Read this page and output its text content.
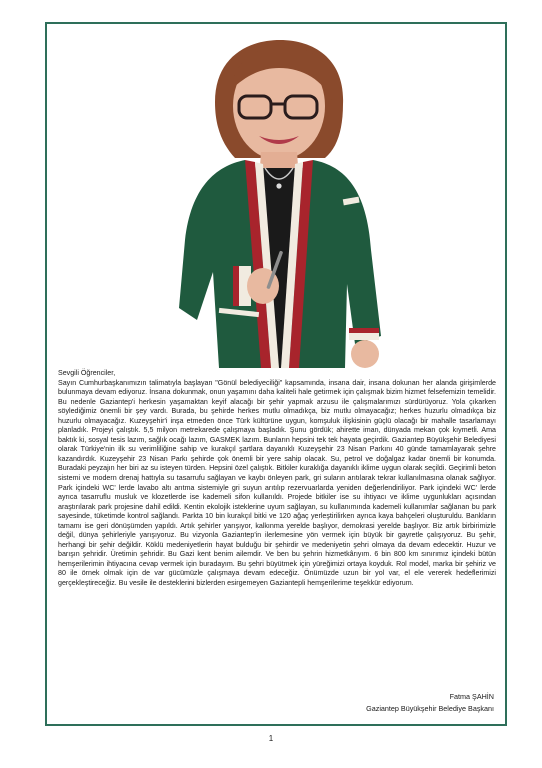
Sevgili Öğrenciler,

Sayın Cumhurbaşkanımızın talimatıyla başlayan "Gönül belediyeciliği" kapsamında, insana dair, insana dokunan her alanda girişimlerde bulunmaya devam ediyoruz. İnsana dokunmak, onun yaşamını daha kaliteli hale getirmek için çalışmak bizim hizmet felsefemizin temelidir. Bu nedenle Gaziantep'i herkesin yaşamaktan keyif alacağı bir şehir yapmak arzusu ile çalışmalarımızı sürdürüyoruz. Yola çıkarken söylediğimiz önemli bir şey vardı. Burada, bu şehirde herkes mutlu olmadıkça, biz mutlu olmayacağız; herkes huzurlu olmadıkça biz huzurlu olmayacağız. Kuzeyşehir'i inşa etmeden önce Türk kültürüne uygun, komşuluk ilişkisinin güçlü olacağı bir mahalle tasarlamayı planladık. Projeyi çalıştık. 5,5 milyon metrekarede çalışmaya başladık. Şunu gördük; ahirette iman, dünyada mekan çok kıymetli. Ama baktık ki, sosyal tesis lazım, sağlık ocağı lazım, GASMEK lazım. Bunların hepsini tek tek hayata geçirdik. Gaziantep Büyükşehir Belediyesi olarak Türkiye'nin ilk su verimliliğine sahip ve kurakçıl şartlara dayanıklı Kuzeyşehir 23 Nisan Parkını 40 günde tamamlayarak şehre kazandırdık. Kuzeyşehir 23 Nisan Parkı şehirde çok önemli bir yere sahip olacak. Su, petrol ve doğalgaz kadar önemli bir konumda. Buradaki peyzajın her biri az su isteyen türden. Hepsini özel çalıştık. Bitkiler kuraklığa dayanıklı iklime uygun olarak seçildi. Geçirimli beton sistemi ve modern drenaj hattıyla su tasarrufu sağlayan ve kaybı önleyen park, gri suların arıtılarak tekrar kullanılmasına olanak sağlıyor. Park içindeki WC' lerde lavabo altı arıtma sistemiyle gri suyun arıtılıp rezervuarlarda yeniden değerlendiriliyor. Park içindeki WC' lerde ayrıca tasarruflu musluk ve klozetlerde ise kademeli sifon kullanıldı. Projede bitkiler ise su ihtiyacı ve iklime uygunlukları açısından araştırılarak park projesine dahil edildi. Kentin ekolojik isteklerine uyum sağlayan, su kullanımında kademeli kullanımlar sağlanan bu park sayesinde, tüketimde kontrol sağlandı. Parkta 10 bin kurakçıl bitki ve 120 ağaç yerleştirilirken ayrıca kaya bahçeleri oluşturuldu. Bankların tamamı ise geri dönüşümden yapıldı. Artık şehirler yarışıyor, kalkınma yerelde başlıyor, demokrasi yerelde başlıyor. Biz artık birbirimizle değil, dünya şehirleriyle yarışıyoruz. Bu vizyonla Gaziantep'in ilerlemesine yön vermek için büyük bir gayretle çalışıyoruz. Bu şehir, herhangi bir şehir değildir. Köklü medeniyetlerin hayat bulduğu bir şehirdir ve medeniyetin şehri olmaya da devam edecektir. Huzur ve barışın şehridir. Üretimin şehridir. Bu Gazi kent benim ailemdir. Ve ben bu şehrin hizmetkârıyım. 6 bin 800 km sınırımız içindeki bütün hemşerilerimin ihtiyacına cevap vermek için buradayım. Bu şehri büyütmek için yüreğimizi ortaya koyduk. Rol model, marka bir şehiriz ve 80 ile örnek olmak için de var gücümüzle çalışmaya devam edeceğiz. Önümüzde uzun bir yol var, el ele vererek hedeflerimizi gerçekleştireceğiz. Bu vesile ile desteklerini bizlerden esirgemeyen Gaziantepli hemşerilerime teşekkür ediyorum.

Fatma ŞAHİN
Gaziantep Büyükşehir Belediye Başkanı
1
